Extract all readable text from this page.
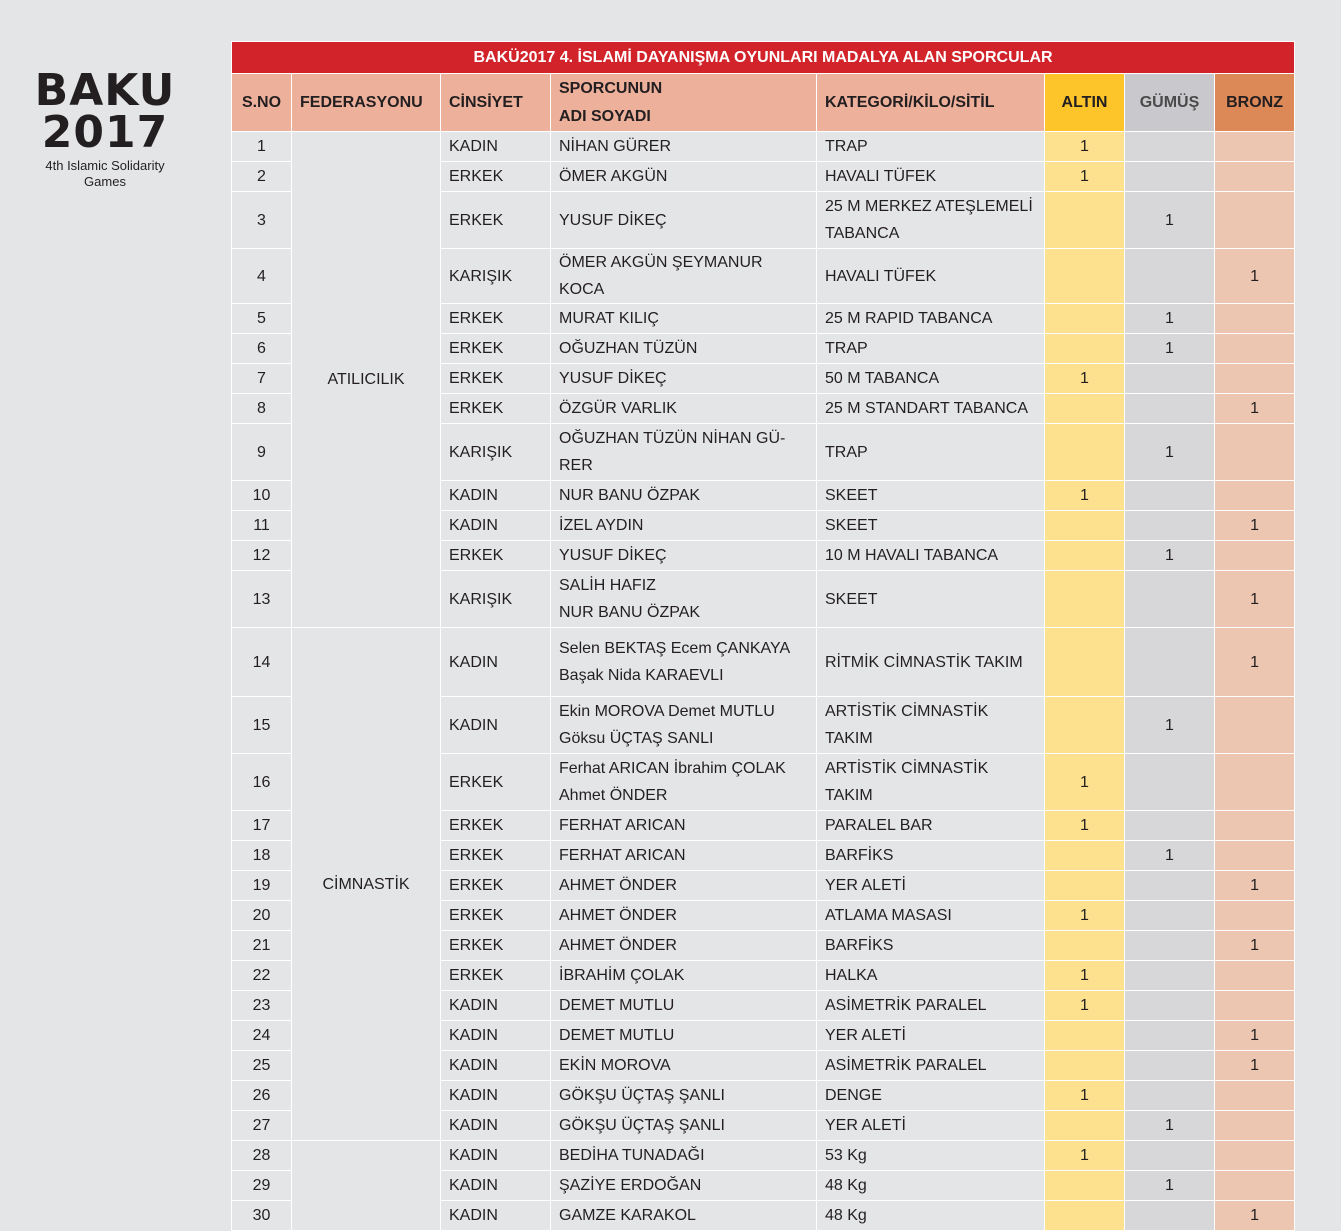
BAKU
2017
4th Islamic Solidarity
Games
BAKÜ2017 4. İSLAMİ DAYANIŞMA OYUNLARI MADALYA ALAN SPORCULAR							
S.NO	FEDERASYONU	CİNSİYET	SPORCUNUN
ADI SOYADI	KATEGORİ/KİLO/SİTİL	ALTIN	GÜMÜŞ	BRONZ
1	ATILICILIK	KADIN	NİHAN GÜRER	TRAP	1		
2		ERKEK	ÖMER AKGÜN	HAVALI TÜFEK	1		
3		ERKEK	YUSUF DİKEÇ	25 M MERKEZ ATEŞLEMELİ
TABANCA		1	
4		KARIŞIK	ÖMER AKGÜN ŞEYMANUR KOCA	HAVALI TÜFEK			1
5		ERKEK	MURAT KILIÇ	25 M RAPID TABANCA		1	
6		ERKEK	OĞUZHAN TÜZÜN	TRAP		1	
7		ERKEK	YUSUF DİKEÇ	50 M TABANCA	1		
8		ERKEK	ÖZGÜR VARLIK	25 M STANDART TABANCA			1
9		KARIŞIK	OĞUZHAN TÜZÜN NİHAN GÜ-
RER	TRAP		1	
10		KADIN	NUR BANU ÖZPAK	SKEET	1		
11		KADIN	İZEL AYDIN	SKEET			1
12		ERKEK	YUSUF DİKEÇ	10 M HAVALI TABANCA		1	
13		KARIŞIK	SALİH HAFIZ
NUR BANU ÖZPAK	SKEET			1
14	CİMNASTİK	KADIN	Selen BEKTAŞ Ecem ÇANKAYA
Başak Nida KARAEVLI	RİTMİK CİMNASTİK TAKIM			1
15		KADIN	Ekin MOROVA Demet MUTLU
Göksu ÜÇTAŞ SANLI	ARTİSTİK CİMNASTİK TAKIM		1	
16		ERKEK	Ferhat ARICAN İbrahim ÇOLAK
Ahmet ÖNDER	ARTİSTİK CİMNASTİK TAKIM	1		
17		ERKEK	FERHAT ARICAN	PARALEL BAR	1		
18		ERKEK	FERHAT ARICAN	BARFİKS		1	
19		ERKEK	AHMET ÖNDER	YER ALETİ			1
20		ERKEK	AHMET ÖNDER	ATLAMA MASASI	1		
21		ERKEK	AHMET ÖNDER	BARFİKS			1
22		ERKEK	İBRAHİM ÇOLAK	HALKA	1		
23		KADIN	DEMET MUTLU	ASİMETRİK PARALEL	1		
24		KADIN	DEMET MUTLU	YER ALETİ			1
25		KADIN	EKİN MOROVA	ASİMETRİK PARALEL			1
26		KADIN	GÖKŞU ÜÇTAŞ ŞANLI	DENGE	1		
27		KADIN	GÖKŞU ÜÇTAŞ ŞANLI	YER ALETİ		1	
28		KADIN	BEDİHA TUNADAĞI	53 Kg	1		
29		KADIN	ŞAZİYE ERDOĞAN	48 Kg		1	
30		KADIN	GAMZE KARAKOL	48 Kg			1
